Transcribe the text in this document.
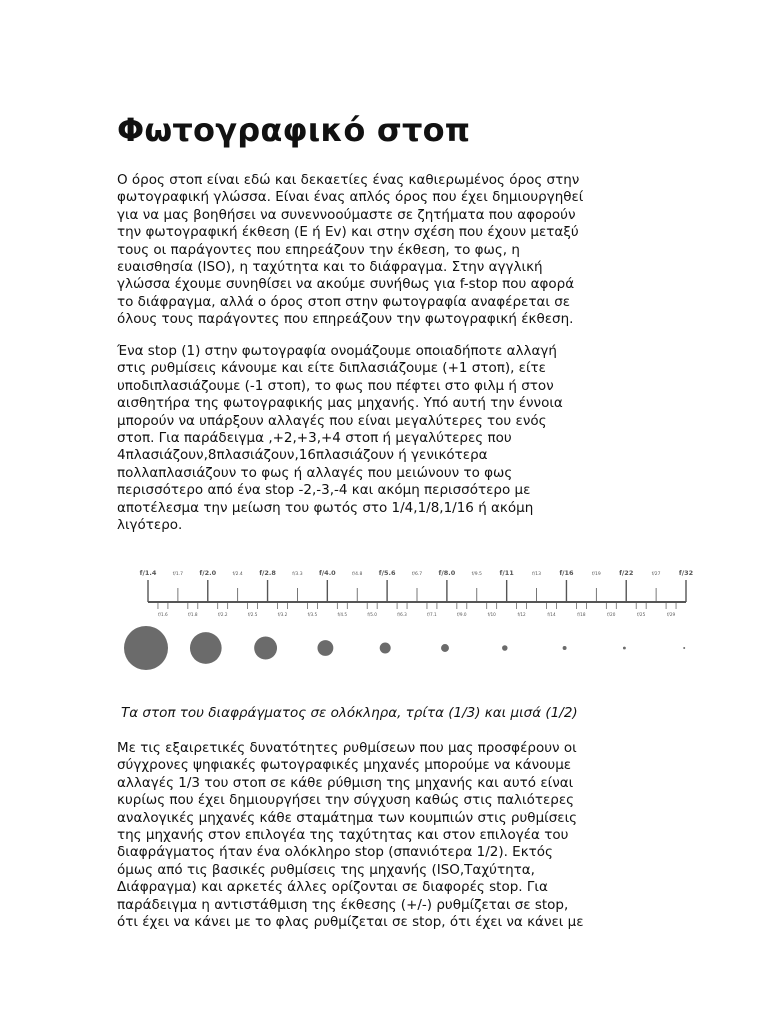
Φωτογραφικό στοπ
Ο όρος στοπ είναι εδώ και δεκαετίες ένας καθιερωμένος όρος στην
φωτογραφική γλώσσα. Είναι ένας απλός όρος που έχει δημιουργηθεί
για να μας βοηθήσει να συνεννοούμαστε σε ζητήματα που αφορούν
την φωτογραφική έκθεση (E ή Ev) και στην σχέση που έχουν μεταξύ
τους οι παράγοντες που επηρεάζουν την έκθεση, το φως, η
ευαισθησία (ISO), η ταχύτητα και το διάφραγμα. Στην αγγλική
γλώσσα έχουμε συνηθίσει να ακούμε συνήθως για f-stop που αφορά
το διάφραγμα, αλλά ο όρος στοπ στην φωτογραφία αναφέρεται σε
όλους τους παράγοντες που επηρεάζουν την φωτογραφική έκθεση.
Ένα stop (1) στην φωτογραφία ονομάζουμε οποιαδήποτε αλλαγή
στις ρυθμίσεις κάνουμε και είτε διπλασιάζουμε (+1 στοπ), είτε
υποδιπλασιάζουμε (-1 στοπ), το φως που πέφτει στο φιλμ ή στον
αισθητήρα της φωτογραφικής μας μηχανής. Υπό αυτή την έννοια
μπορούν να υπάρξουν αλλαγές που είναι μεγαλύτερες του ενός
στοπ. Για παράδειγμα ,+2,+3,+4 στοπ ή μεγαλύτερες που
4πλασιάζουν,8πλασιάζουν,16πλασιάζουν ή γενικότερα
πολλαπλασιάζουν το φως ή αλλαγές που μειώνουν το φως
περισσότερο από ένα stop -2,-3,-4 και ακόμη περισσότερο με
αποτέλεσμα την μείωση του φωτός στο 1/4,1/8,1/16 ή ακόμη
λιγότερο.
f/1.4	f/1.7	f/2.0	f/2.4	f/2.8	f/3.3	f/4.0	f/4.8	f/5.6	f/6.7	f/8.0	f/9.5	f/11	f/13	f/16	f/19	f/22	f/27	f/32
f/1.6	f/1.8	f/2.2	f/2.5	f/3.2	f/3.5	f/4.5	f/5.0	f/6.3	f/7.1	f/9.0	f/10	f/12	f/14	f/18	f/20	f/25	f/29

Τα στοπ του διαφράγματος σε ολόκληρα, τρίτα (1/3) και μισά (1/2)

Με τις εξαιρετικές δυνατότητες ρυθμίσεων που μας προσφέρουν οι
σύγχρονες ψηφιακές φωτογραφικές μηχανές μπορούμε να κάνουμε
αλλαγές 1/3 του στοπ σε κάθε ρύθμιση της μηχανής και αυτό είναι
κυρίως που έχει δημιουργήσει την σύγχυση καθώς στις παλιότερες
αναλογικές μηχανές κάθε σταμάτημα των κουμπιών στις ρυθμίσεις
της μηχανής στον επιλογέα της ταχύτητας και στον επιλογέα του
διαφράγματος ήταν ένα ολόκληρο stop (σπανιότερα 1/2). Εκτός
όμως από τις βασικές ρυθμίσεις της μηχανής (ISO,Ταχύτητα,
Διάφραγμα) και αρκετές άλλες ορίζονται σε διαφορές stop. Για
παράδειγμα η αντιστάθμιση της έκθεσης (+/-) ρυθμίζεται σε stop,
ότι έχει να κάνει με το φλας ρυθμίζεται σε stop, ότι έχει να κάνει με
